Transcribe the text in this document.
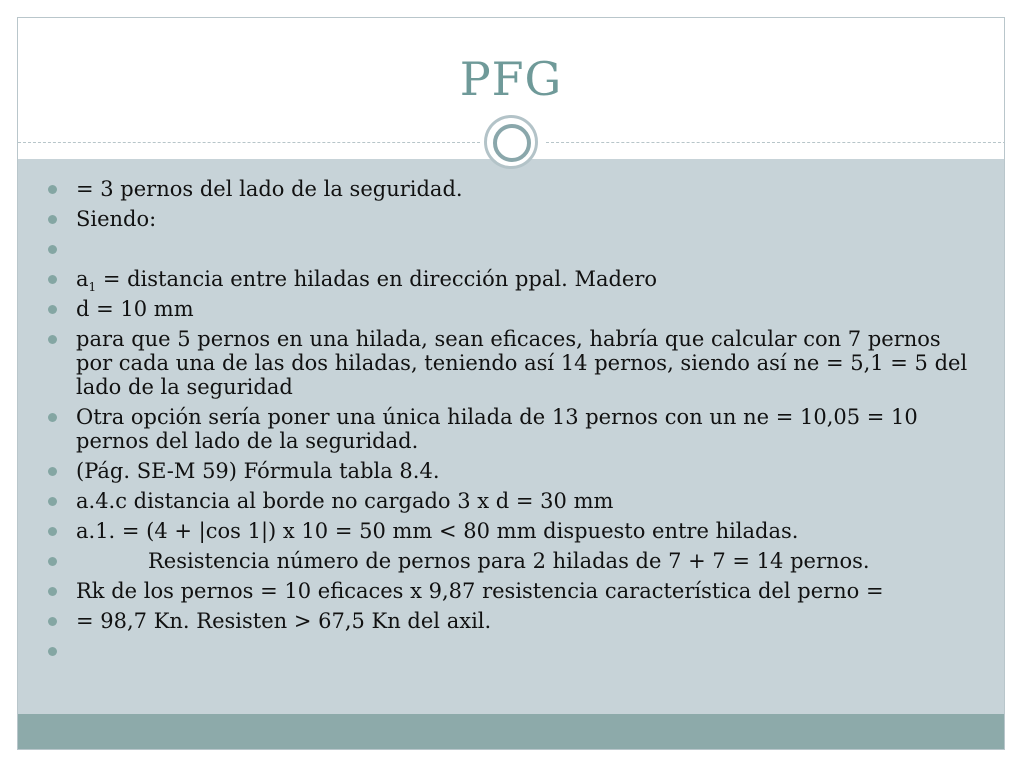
PFG
= 3 pernos del lado de la seguridad.
Siendo:
$a_1$ = distancia entre hiladas en dirección ppal. Madero
d = 10 mm
para que 5 pernos en una hilada, sean eficaces, habría que calcular con 7 pernos por cada una de las dos hiladas, teniendo así 14 pernos, siendo así ne = 5,1 = 5 del lado de la seguridad
Otra opción sería poner una única hilada de 13 pernos con un ne = 10,05 = 10 pernos del lado de la seguridad.
(Pág. SE-M 59) Fórmula tabla 8.4.
a.4.c distancia al borde no cargado 3 x d = 30 mm
a.1. = (4 + |cos 1|) x 10 = 50 mm < 80 mm dispuesto entre hiladas.
Resistencia número de pernos para 2 hiladas de 7 + 7 = 14 pernos.
Rk de los pernos = 10 eficaces x 9,87 resistencia característica del perno =
= 98,7 Kn. Resisten > 67,5 Kn del axil.
